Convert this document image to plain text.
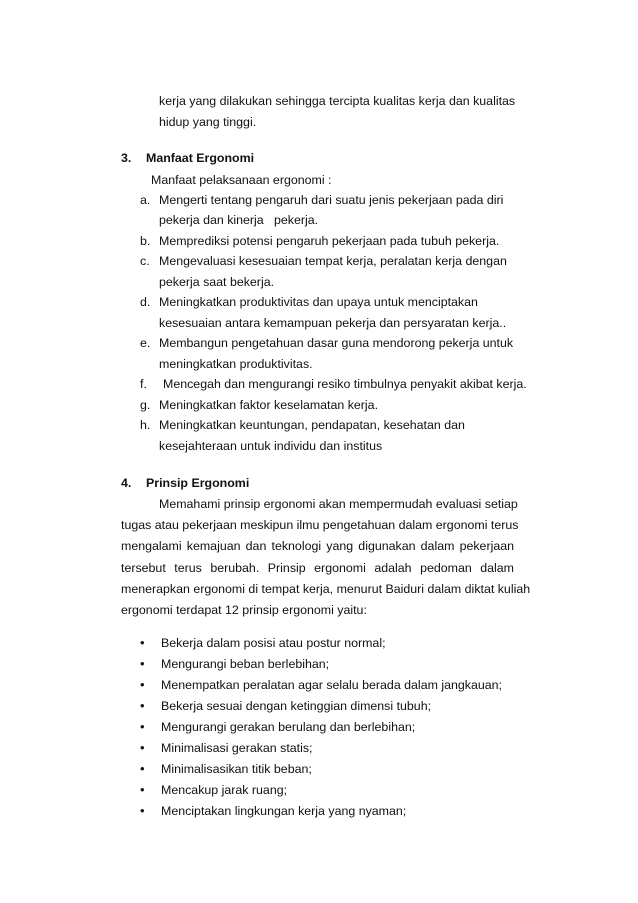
kerja yang dilakukan sehingga tercipta kualitas kerja dan kualitas
hidup yang tinggi.
3. Manfaat Ergonomi
Manfaat pelaksanaan ergonomi :
a. Mengerti tentang pengaruh dari suatu jenis pekerjaan pada diri
pekerja dan kinerja   pekerja.
b. Memprediksi potensi pengaruh pekerjaan pada tubuh pekerja.
c. Mengevaluasi kesesuaian tempat kerja, peralatan kerja dengan
pekerja saat bekerja.
d. Meningkatkan produktivitas dan upaya untuk menciptakan
kesesuaian antara kemampuan pekerja dan persyaratan kerja..
e. Membangun pengetahuan dasar guna mendorong pekerja untuk
meningkatkan produktivitas.
f. Mencegah dan mengurangi resiko timbulnya penyakit akibat kerja.
g. Meningkatkan faktor keselamatan kerja.
h. Meningkatkan keuntungan, pendapatan, kesehatan dan
kesejahteraan untuk individu dan institus
4. Prinsip Ergonomi
Memahami prinsip ergonomi akan mempermudah evaluasi setiap
tugas atau pekerjaan meskipun ilmu pengetahuan dalam ergonomi terus
mengalami kemajuan dan teknologi yang digunakan dalam pekerjaan
tersebut terus berubah. Prinsip ergonomi adalah pedoman dalam
menerapkan ergonomi di tempat kerja, menurut Baiduri dalam diktat kuliah
ergonomi terdapat 12 prinsip ergonomi yaitu:
• Bekerja dalam posisi atau postur normal;
• Mengurangi beban berlebihan;
• Menempatkan peralatan agar selalu berada dalam jangkauan;
• Bekerja sesuai dengan ketinggian dimensi tubuh;
• Mengurangi gerakan berulang dan berlebihan;
• Minimalisasi gerakan statis;
• Minimalisasikan titik beban;
• Mencakup jarak ruang;
• Menciptakan lingkungan kerja yang nyaman;
